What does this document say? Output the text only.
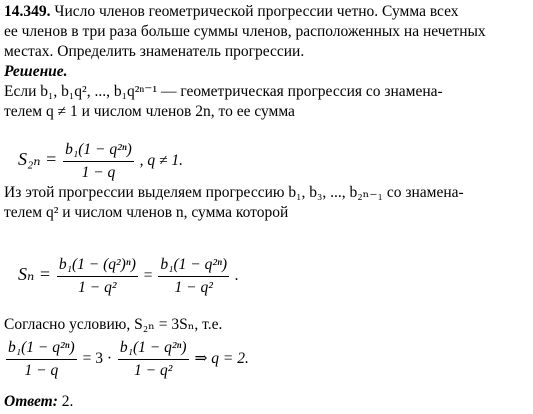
14.349. Число членов геометрической прогрессии четно. Сумма всех

ее членов в три раза больше суммы членов, расположенных на нечетных

местах. Определить знаменатель прогрессии.

Решение.

Если b₁, b₁q², ..., b₁q²ⁿ⁻¹ — геометрическая прогрессия со знамена-

телем q ≠ 1 и числом членов 2n, то ее сумма

$S_{2n} = \frac{\text{b₁(1 − q²ⁿ)}}{1 - q}$ , q ≠ 1.

Из этой прогрессии выделяем прогрессию b₁, b₃, ..., b₂ₙ₋₁ со знамена-

телем q² и числом членов n, сумма которой

$S_n = \frac{\text{b₁(1 − (q²)ⁿ)}}{\text{1 − q²}} = \frac{\text{b₁(1 − q²ⁿ)}}{\text{1 − q²}}$ .

Согласно условию, S₂ₙ = 3Sₙ, т.е.

$\frac{\text{b₁(1 − q²ⁿ)}}{1 - q} = 3 \cdot \frac{\text{b₁(1 − q²ⁿ)}}{\text{1 − q²}}$ ⇒ q = 2.

Ответ: 2.
